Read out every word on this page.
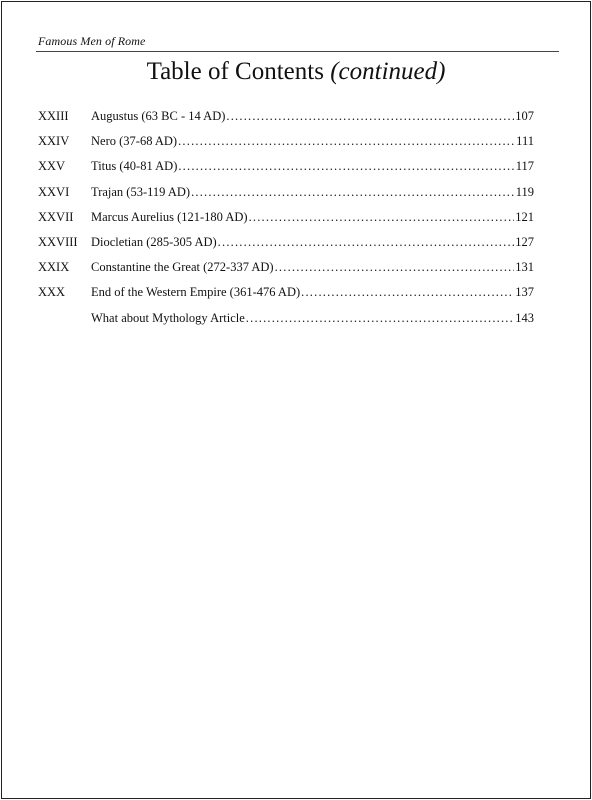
Famous Men of Rome
Table of Contents (continued)
XXIII	Augustus (63 BC - 14 AD) .....	107
XXIV	Nero (37-68 AD) .....	111
XXV	Titus (40-81 AD) .....	117
XXVI	Trajan (53-119 AD) .....	119
XXVII	Marcus Aurelius (121-180 AD) .....	121
XXVIII	Diocletian (285-305 AD) .....	127
XXIX	Constantine the Great (272-337 AD) .....	131
XXX	End of the Western Empire (361-476 AD) .....	137
What about Mythology Article .....	143
